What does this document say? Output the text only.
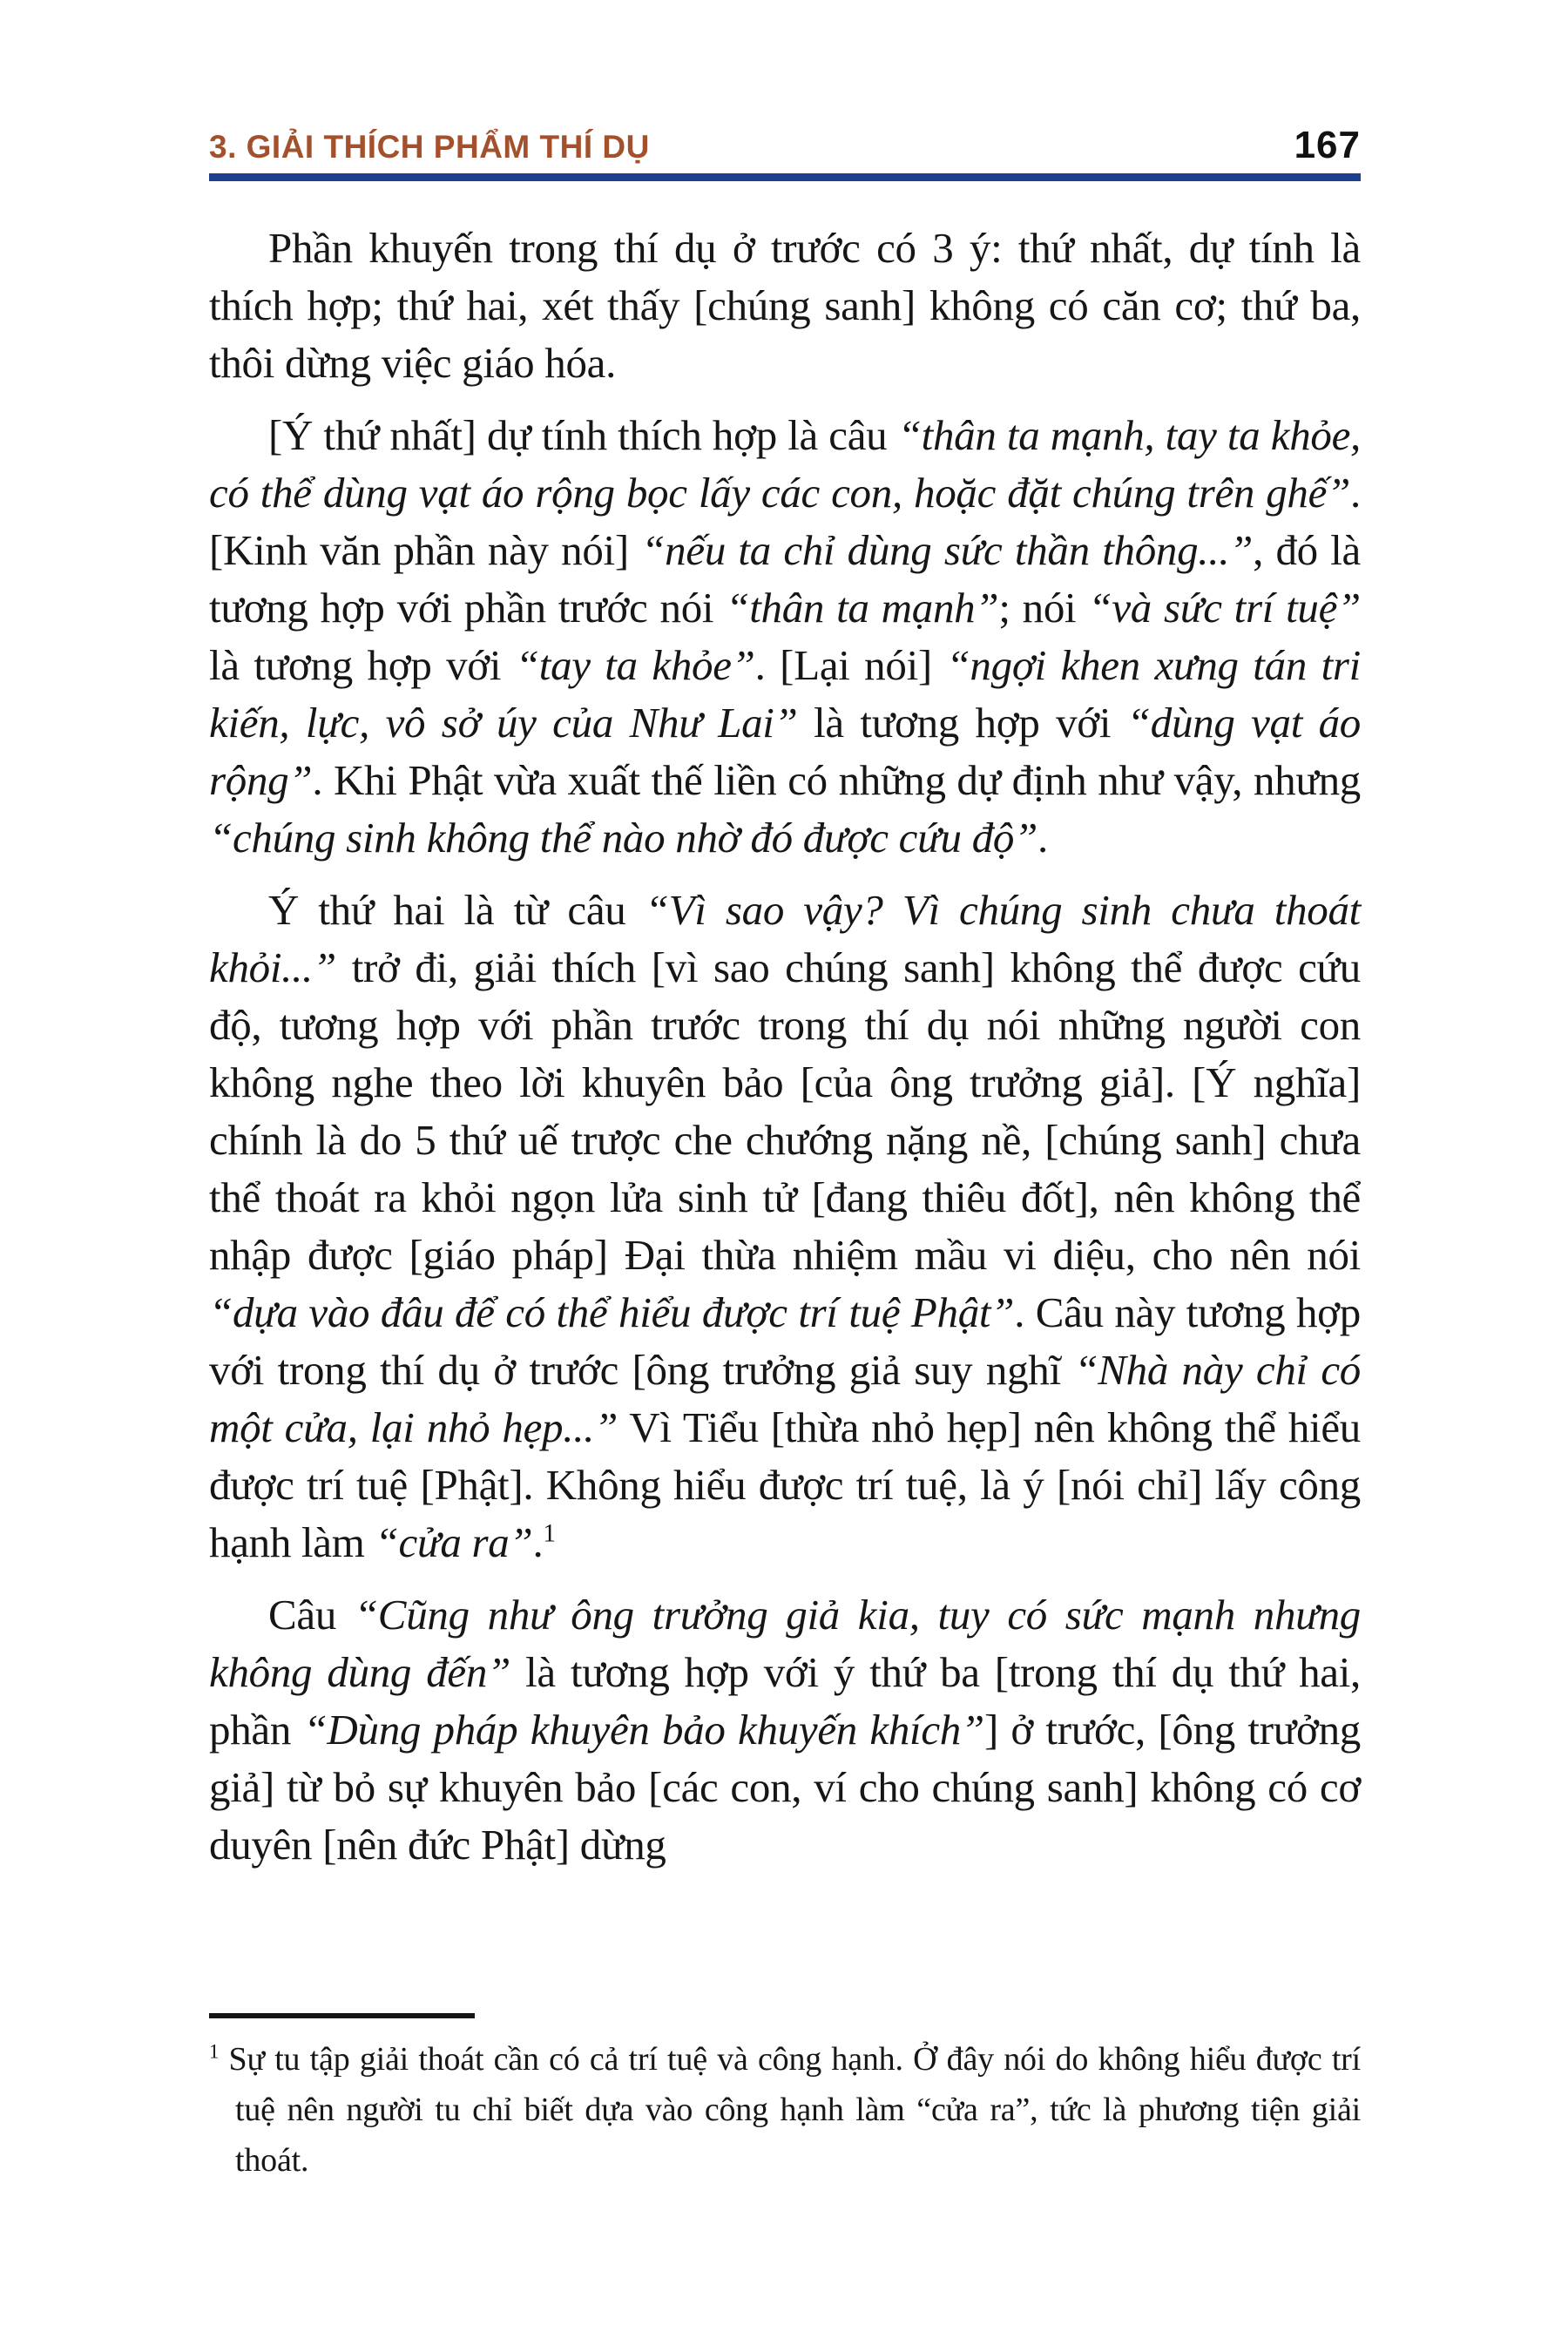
3. GIẢI THÍCH PHẨM THÍ DỤ	167

Phần khuyến trong thí dụ ở trước có 3 ý: thứ nhất, dự tính là thích hợp; thứ hai, xét thấy [chúng sanh] không có căn cơ; thứ ba, thôi dừng việc giáo hóa.

[Ý thứ nhất] dự tính thích hợp là câu “thân ta mạnh, tay ta khỏe, có thể dùng vạt áo rộng bọc lấy các con, hoặc đặt chúng trên ghế”. [Kinh văn phần này nói] “nếu ta chỉ dùng sức thần thông...”, đó là tương hợp với phần trước nói “thân ta mạnh”; nói “và sức trí tuệ” là tương hợp với “tay ta khỏe”. [Lại nói] “ngợi khen xưng tán tri kiến, lực, vô sở úy của Như Lai” là tương hợp với “dùng vạt áo rộng”. Khi Phật vừa xuất thế liền có những dự định như vậy, nhưng “chúng sinh không thể nào nhờ đó được cứu độ”.

Ý thứ hai là từ câu “Vì sao vậy? Vì chúng sinh chưa thoát khỏi...” trở đi, giải thích [vì sao chúng sanh] không thể được cứu độ, tương hợp với phần trước trong thí dụ nói những người con không nghe theo lời khuyên bảo [của ông trưởng giả]. [Ý nghĩa] chính là do 5 thứ uế trược che chướng nặng nề, [chúng sanh] chưa thể thoát ra khỏi ngọn lửa sinh tử [đang thiêu đốt], nên không thể nhập được [giáo pháp] Đại thừa nhiệm mầu vi diệu, cho nên nói “dựa vào đâu để có thể hiểu được trí tuệ Phật”. Câu này tương hợp với trong thí dụ ở trước [ông trưởng giả suy nghĩ “Nhà này chỉ có một cửa, lại nhỏ hẹp...” Vì Tiểu [thừa nhỏ hẹp] nên không thể hiểu được trí tuệ [Phật]. Không hiểu được trí tuệ, là ý [nói chỉ] lấy công hạnh làm “cửa ra”.$^1$

Câu “Cũng như ông trưởng giả kia, tuy có sức mạnh nhưng không dùng đến” là tương hợp với ý thứ ba [trong thí dụ thứ hai, phần “Dùng pháp khuyên bảo khuyến khích”] ở trước, [ông trưởng giả] từ bỏ sự khuyên bảo [các con, ví cho chúng sanh] không có cơ duyên [nên đức Phật] dừng

$^1$ Sự tu tập giải thoát cần có cả trí tuệ và công hạnh. Ở đây nói do không hiểu được trí tuệ nên người tu chỉ biết dựa vào công hạnh làm “cửa ra”, tức là phương tiện giải thoát.
